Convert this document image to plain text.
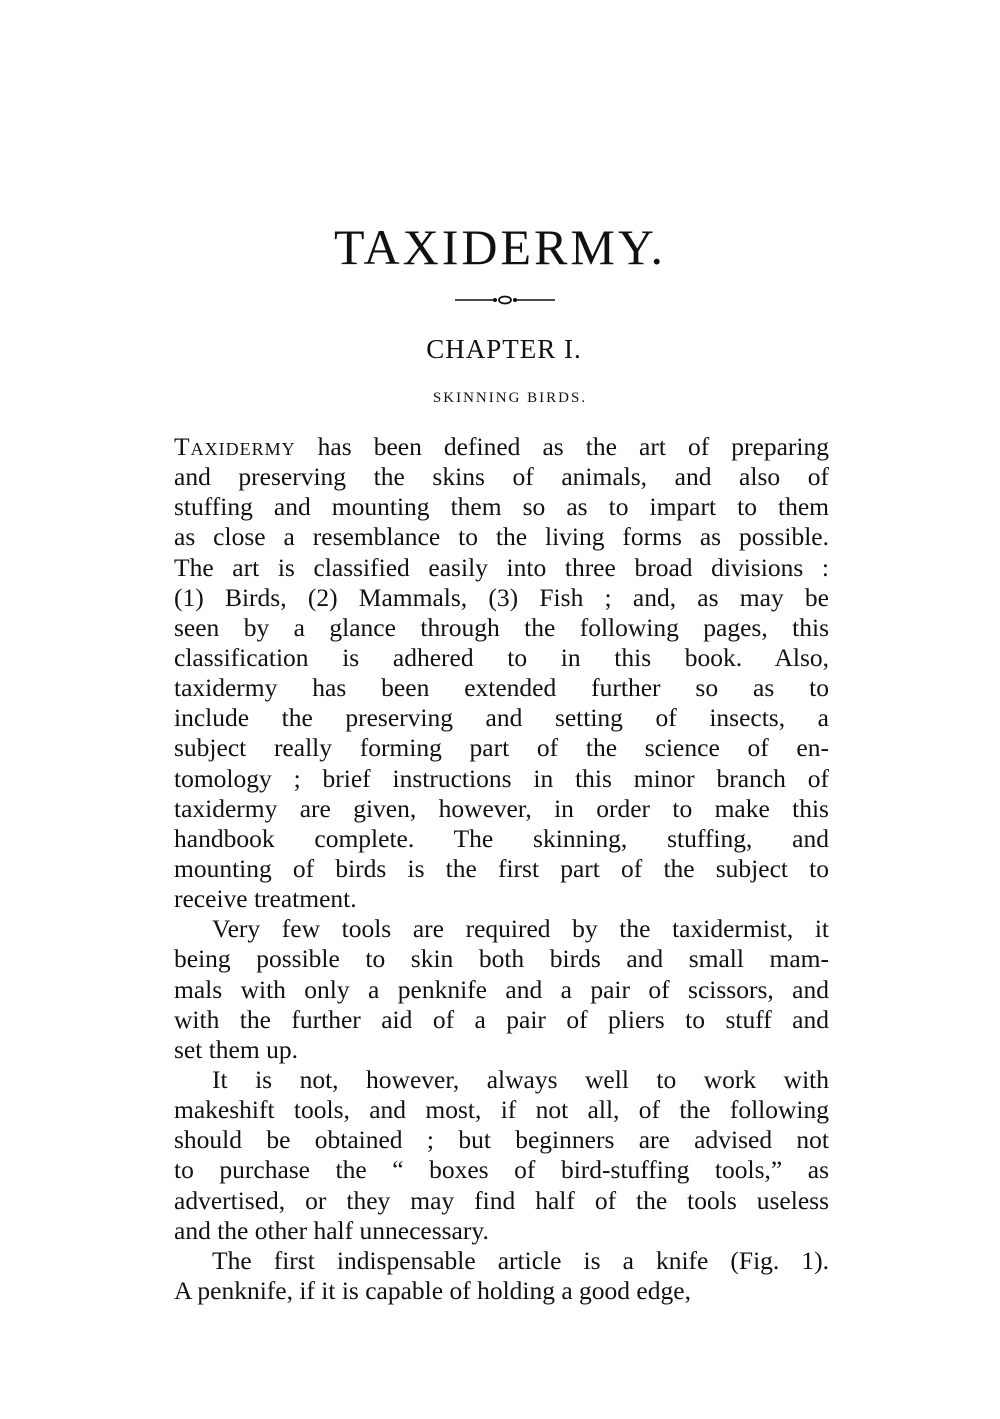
TAXIDERMY.
CHAPTER I.
SKINNING BIRDS.
Taxidermy has been defined as the art of preparing
and preserving the skins of animals, and also of
stuffing and mounting them so as to impart to them
as close a resemblance to the living forms as possible.
The art is classified easily into three broad divisions :
(1) Birds, (2) Mammals, (3) Fish ; and, as may be
seen by a glance through the following pages, this
classification is adhered to in this book. Also,
taxidermy has been extended further so as to
include the preserving and setting of insects, a
subject really forming part of the science of en-
tomology ; brief instructions in this minor branch of
taxidermy are given, however, in order to make this
handbook complete. The skinning, stuffing, and
mounting of birds is the first part of the subject to
receive treatment.
Very few tools are required by the taxidermist, it
being possible to skin both birds and small mam-
mals with only a penknife and a pair of scissors, and
with the further aid of a pair of pliers to stuff and
set them up.
It is not, however, always well to work with
makeshift tools, and most, if not all, of the following
should be obtained ; but beginners are advised not
to purchase the “ boxes of bird-stuffing tools,” as
advertised, or they may find half of the tools useless
and the other half unnecessary.
The first indispensable article is a knife (Fig. 1).
A penknife, if it is capable of holding a good edge,
